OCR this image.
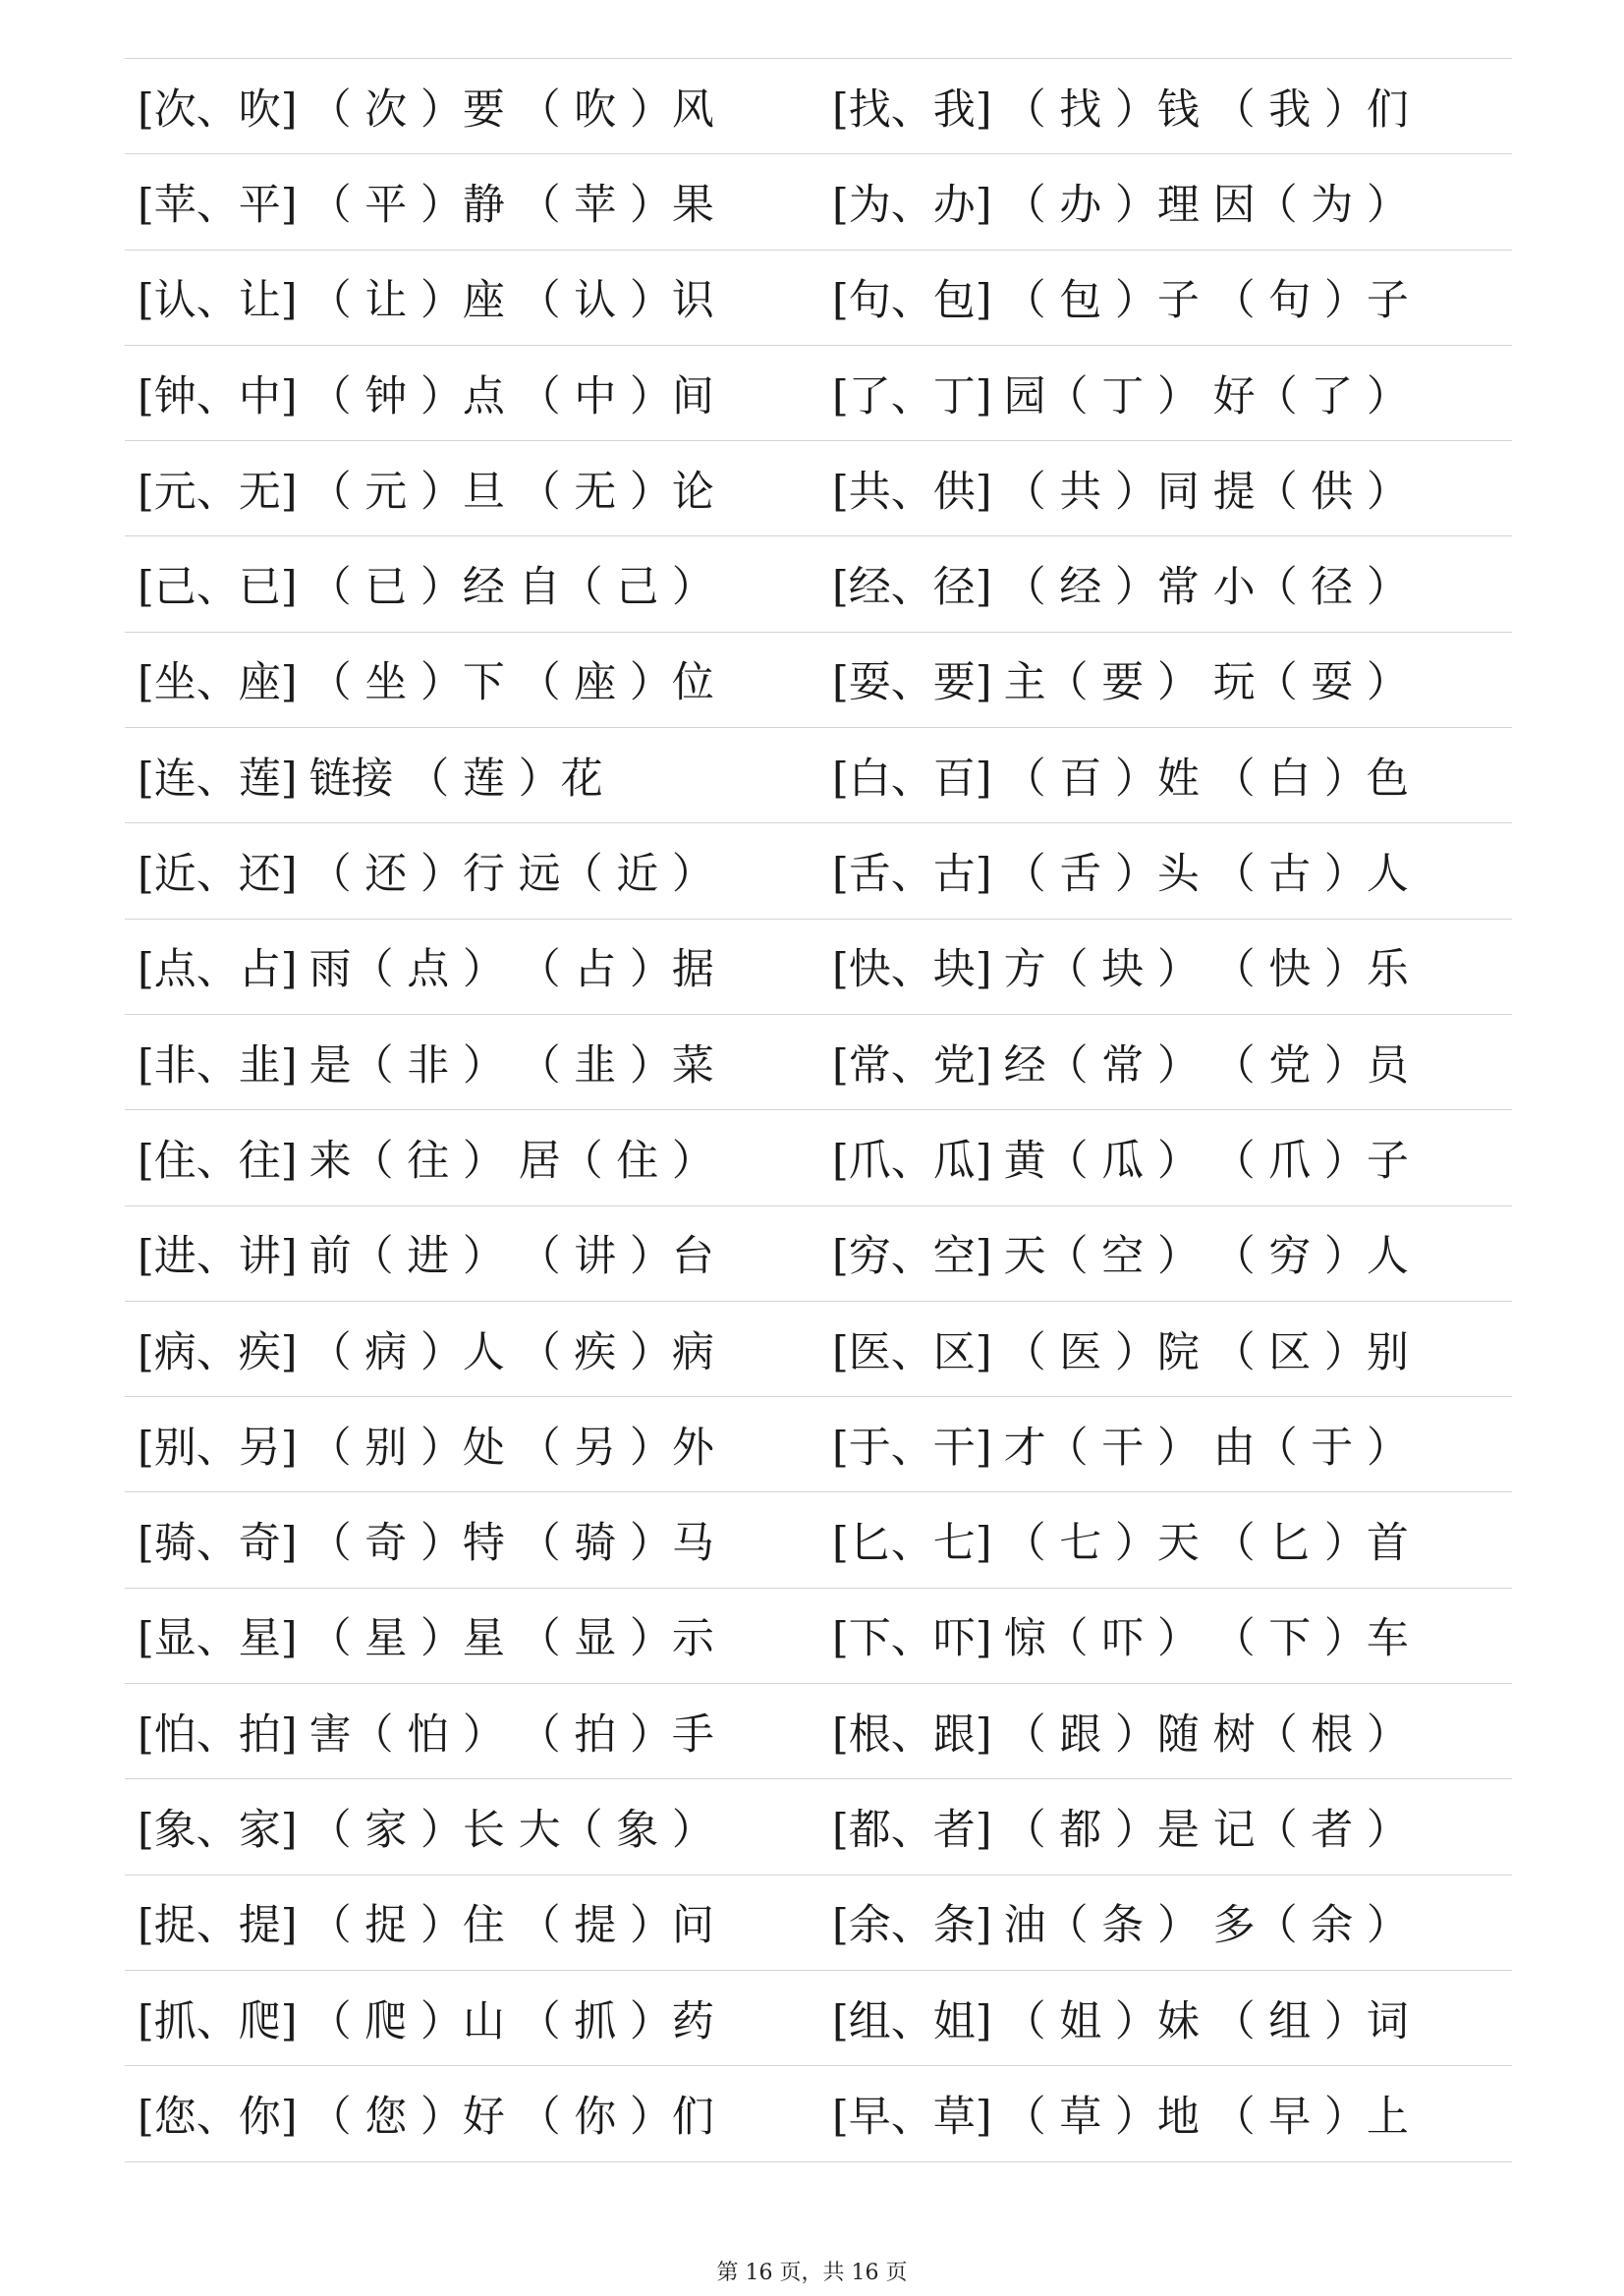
[次、吹] （ 次 ）要 （ 吹 ）风	[找、我] （ 找 ）钱 （ 我 ）们
[苹、平] （ 平 ）静 （ 苹 ）果	[为、办] （ 办 ）理 因（ 为 ）
[认、让] （ 让 ）座 （ 认 ）识	[句、包] （ 包 ）子 （ 句 ）子
[钟、中] （ 钟 ）点 （ 中 ）间	[了、丁] 园（ 丁 ） 好（ 了 ）
[元、无] （ 元 ）旦 （ 无 ）论	[共、供] （ 共 ）同 提（ 供 ）
[己、已] （ 已 ）经 自（ 己 ）	[经、径] （ 经 ）常 小（ 径 ）
[坐、座] （ 坐 ）下 （ 座 ）位	[耍、要] 主（ 要 ） 玩（ 耍 ）
[连、莲] 链接 （ 莲 ）花	[白、百] （ 百 ）姓 （ 白 ）色
[近、还] （ 还 ）行 远（ 近 ）	[舌、古] （ 舌 ）头 （ 古 ）人
[点、占] 雨（ 点 ） （ 占 ）据	[快、块] 方（ 块 ） （ 快 ）乐
[非、韭] 是（ 非 ） （ 韭 ）菜	[常、党] 经（ 常 ） （ 党 ）员
[住、往] 来（ 往 ） 居（ 住 ）	[爪、瓜] 黄（ 瓜 ） （ 爪 ）子
[进、讲] 前（ 进 ） （ 讲 ）台	[穷、空] 天（ 空 ） （ 穷 ）人
[病、疾] （ 病 ）人 （ 疾 ）病	[医、区] （ 医 ）院 （ 区 ）别
[别、另] （ 别 ）处 （ 另 ）外	[于、干] 才（ 干 ） 由（ 于 ）
[骑、奇] （ 奇 ）特 （ 骑 ）马	[匕、七] （ 七 ）天 （ 匕 ）首
[显、星] （ 星 ）星 （ 显 ）示	[下、吓] 惊（ 吓 ） （ 下 ）车
[怕、拍] 害（ 怕 ） （ 拍 ）手	[根、跟] （ 跟 ）随 树（ 根 ）
[象、家] （ 家 ）长 大（ 象 ）	[都、者] （ 都 ）是 记（ 者 ）
[捉、提] （ 捉 ）住 （ 提 ）问	[余、条] 油（ 条 ） 多（ 余 ）
[抓、爬] （ 爬 ）山 （ 抓 ）药	[组、姐] （ 姐 ）妹 （ 组 ）词
[您、你] （ 您 ）好 （ 你 ）们	[早、草] （ 草 ）地 （ 早 ）上
第 16 页，共 16 页
